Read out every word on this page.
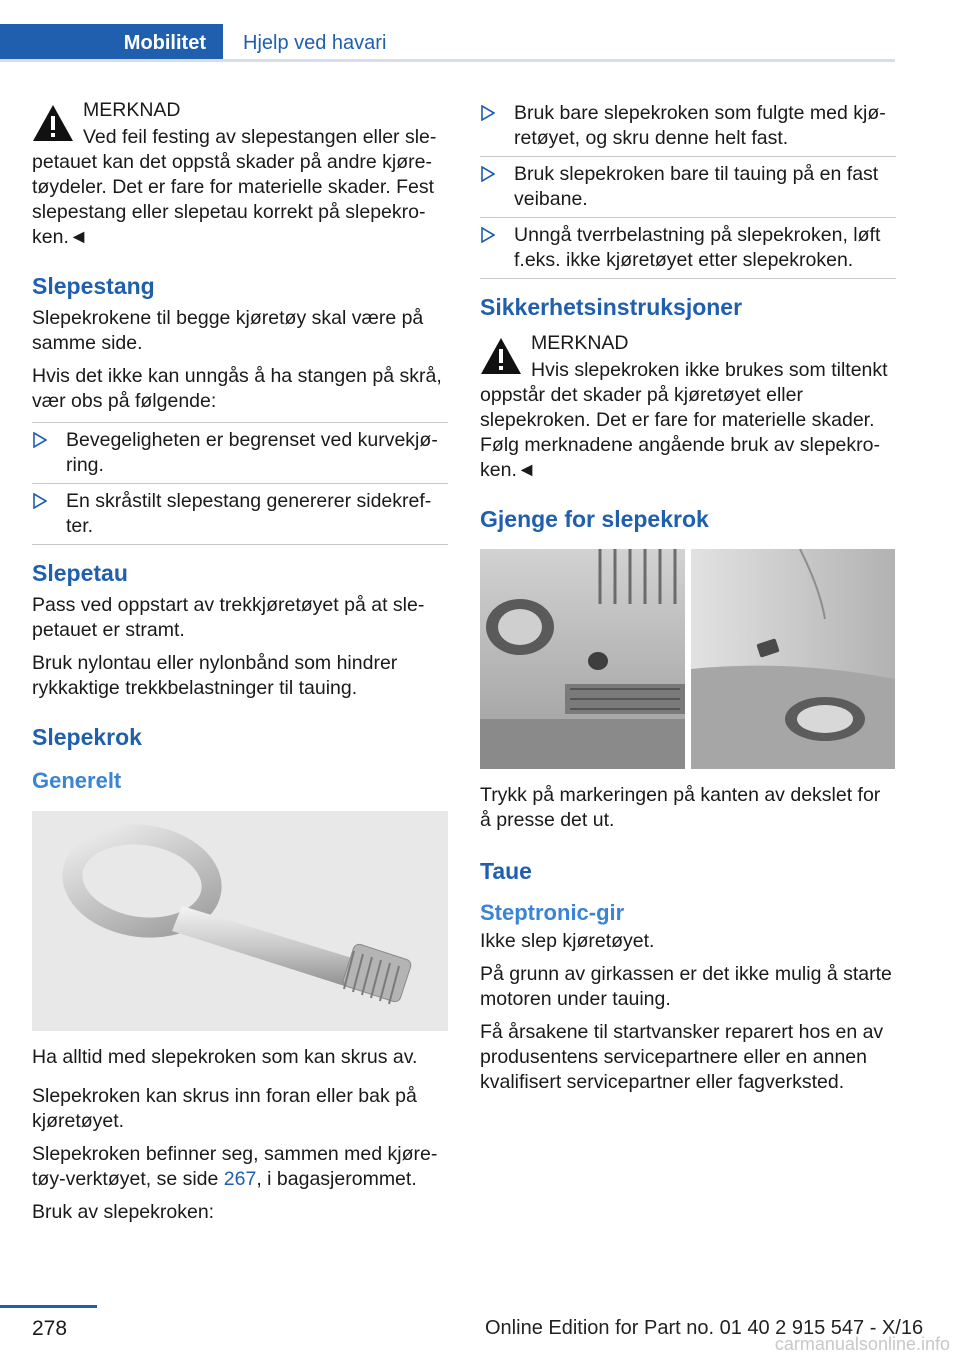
Mobilitet	Hjelp ved havari
MERKNAD
Ved feil festing av slepestangen eller slepetauet kan det oppstå skader på andre kjøretøydeler. Det er fare for materielle skader. Fest slepestang eller slepetau korrekt på slepekroken.◄
Slepestang

Slepekrokene til begge kjøretøy skal være på samme side.

Hvis det ikke kan unngås å ha stangen på skrå, vær obs på følgende:

Bevegeligheten er begrenset ved kurvekjøring.
En skråstilt slepestang genererer sidekrefter.
Slepetau

Pass ved oppstart av trekkjøretøyet på at slepetauet er stramt.

Bruk nylontau eller nylonbånd som hindrer rykkaktige trekkbelastninger til tauing.

Slepekrok
Generelt

Ha alltid med slepekroken som kan skrus av.

Slepekroken kan skrus inn foran eller bak på kjøretøyet.

Slepekroken befinner seg, sammen med kjøretøy-verktøyet, se side 267, i bagasjerommet.

Bruk av slepekroken:

Bruk bare slepekroken som fulgte med kjøretøyet, og skru denne helt fast.
Bruk slepekroken bare til tauing på en fast veibane.
Unngå tverrbelastning på slepekroken, løft f.eks. ikke kjøretøyet etter slepekroken.
Sikkerhetsinstruksjoner
MERKNAD
Hvis slepekroken ikke brukes som tiltenkt oppstår det skader på kjøretøyet eller slepekroken. Det er fare for materielle skader. Følg merknadene angående bruk av slepekroken.◄
Gjenge for slepekrok

Trykk på markeringen på kanten av dekslet for å presse det ut.

Taue
Steptronic-gir

Ikke slep kjøretøyet.

På grunn av girkassen er det ikke mulig å starte motoren under tauing.

Få årsakene til startvansker reparert hos en av produsentens servicepartnere eller en annen kvalifisert servicepartner eller fagverksted.

278	Online Edition for Part no. 01 40 2 915 547 - X/16
carmanualsonline.info
